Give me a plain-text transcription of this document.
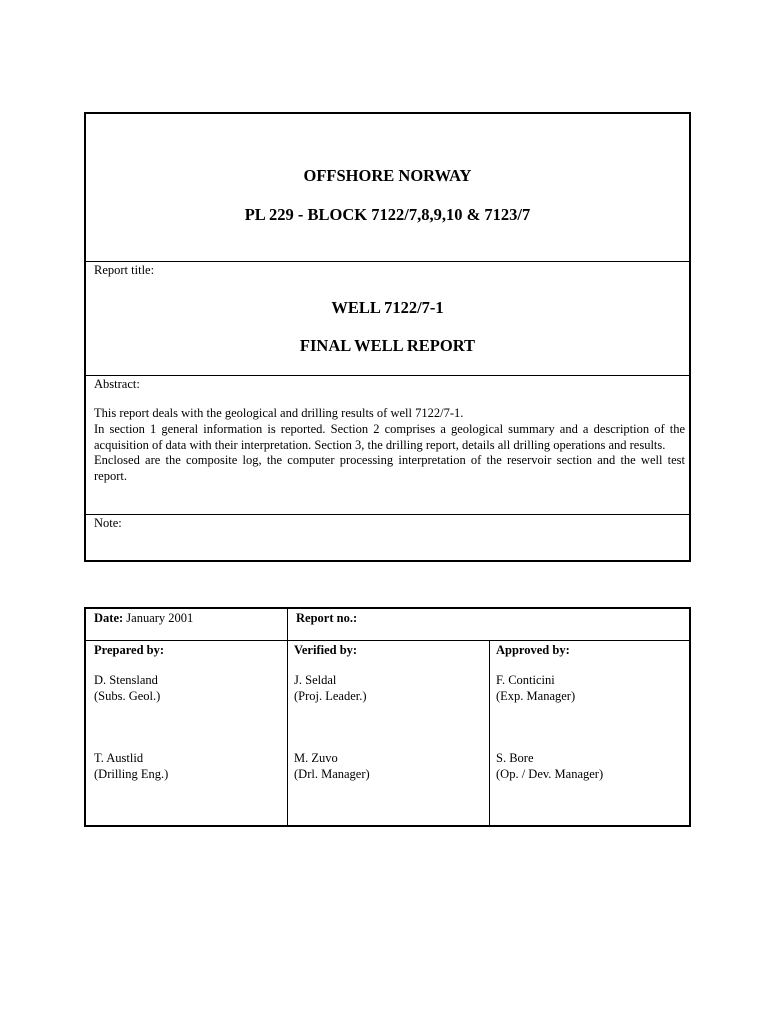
OFFSHORE NORWAY
PL 229 - BLOCK 7122/7,8,9,10 & 7123/7
Report title:
WELL 7122/7-1
FINAL WELL REPORT
Abstract:

This report deals with the geological and drilling results of well 7122/7-1.

In section 1 general information is reported. Section 2 comprises a geological summary and a description of the acquisition of data with their interpretation. Section 3, the drilling report, details all drilling operations and results.

Enclosed are the composite log, the computer processing interpretation of the reservoir section and the well test report.

Note:
Date: January 2001	Report no.:
Prepared by:
D. Stensland
(Subs. Geol.)
T. Austlid
(Drilling Eng.)
Verified by:
J. Seldal
(Proj. Leader.)
M. Zuvo
(Drl. Manager)
Approved by:
F. Conticini
(Exp. Manager)
S. Bore
(Op. / Dev. Manager)
